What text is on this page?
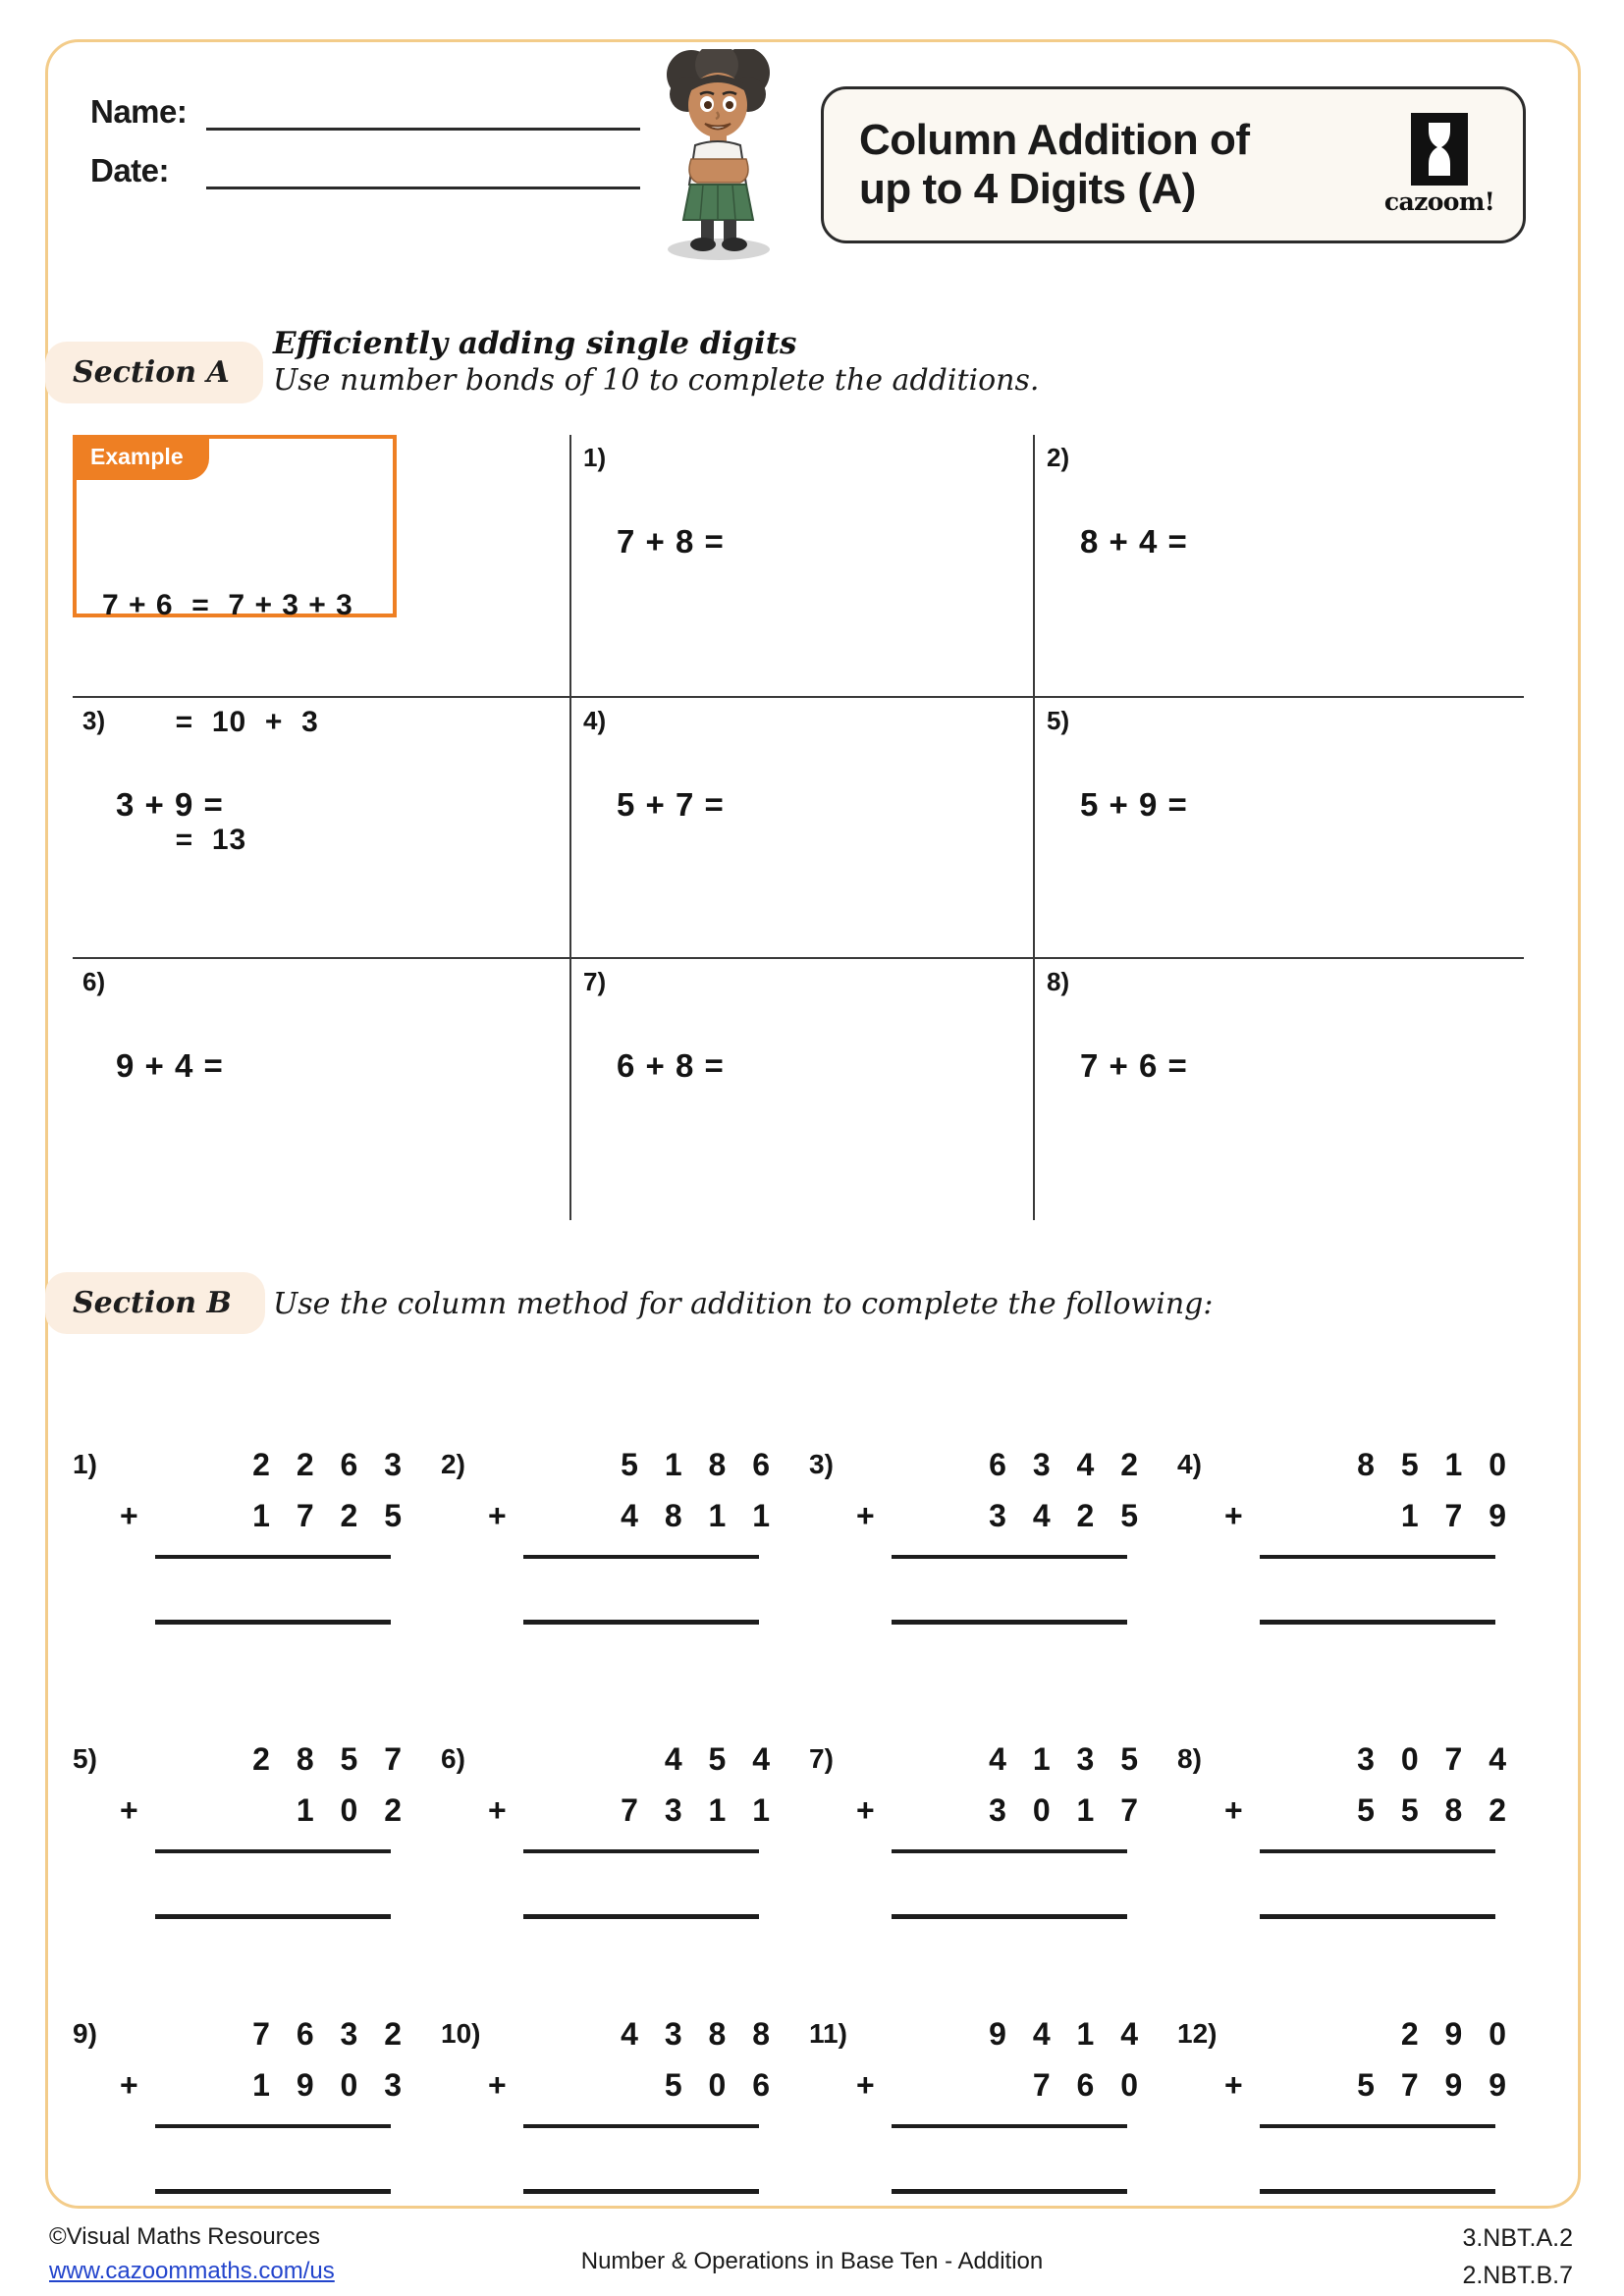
Name:
Date:
Column Addition of
up to 4 Digits (A)	cazoom!
Section A
Efficiently adding single digits
Use number bonds of 10 to complete the additions.
Example

7 + 6  =  7 + 3 + 3

=  10  +  3

=  13

1)
7 + 8 =
2)
8 + 4 =
3)
3 + 9 =
4)
5 + 7 =
5)
5 + 9 =
6)
9 + 4 =
7)
6 + 8 =
8)
7 + 6 =
Section B Use the column method for addition to complete the following:
1)	2 2 6 3
+	1 7 2 5
2)	5 1 8 6
+	4 8 1 1
3)	6 3 4 2
+	3 4 2 5
4)	8 5 1 0
+	1 7 9
5)	2 8 5 7
+	1 0 2
6)	4 5 4
+	7 3 1 1
7)	4 1 3 5
+	3 0 1 7
8)	3 0 7 4
+	5 5 8 2
9)	7 6 3 2
+	1 9 0 3
10)	4 3 8 8
+	5 0 6
11)	9 4 1 4
+	7 6 0
12)	2 9 0
+	5 7 9 9
©Visual Maths Resources
www.cazoommaths.com/us	Number & Operations in Base Ten - Addition
3.NBT.A.2
2.NBT.B.7
